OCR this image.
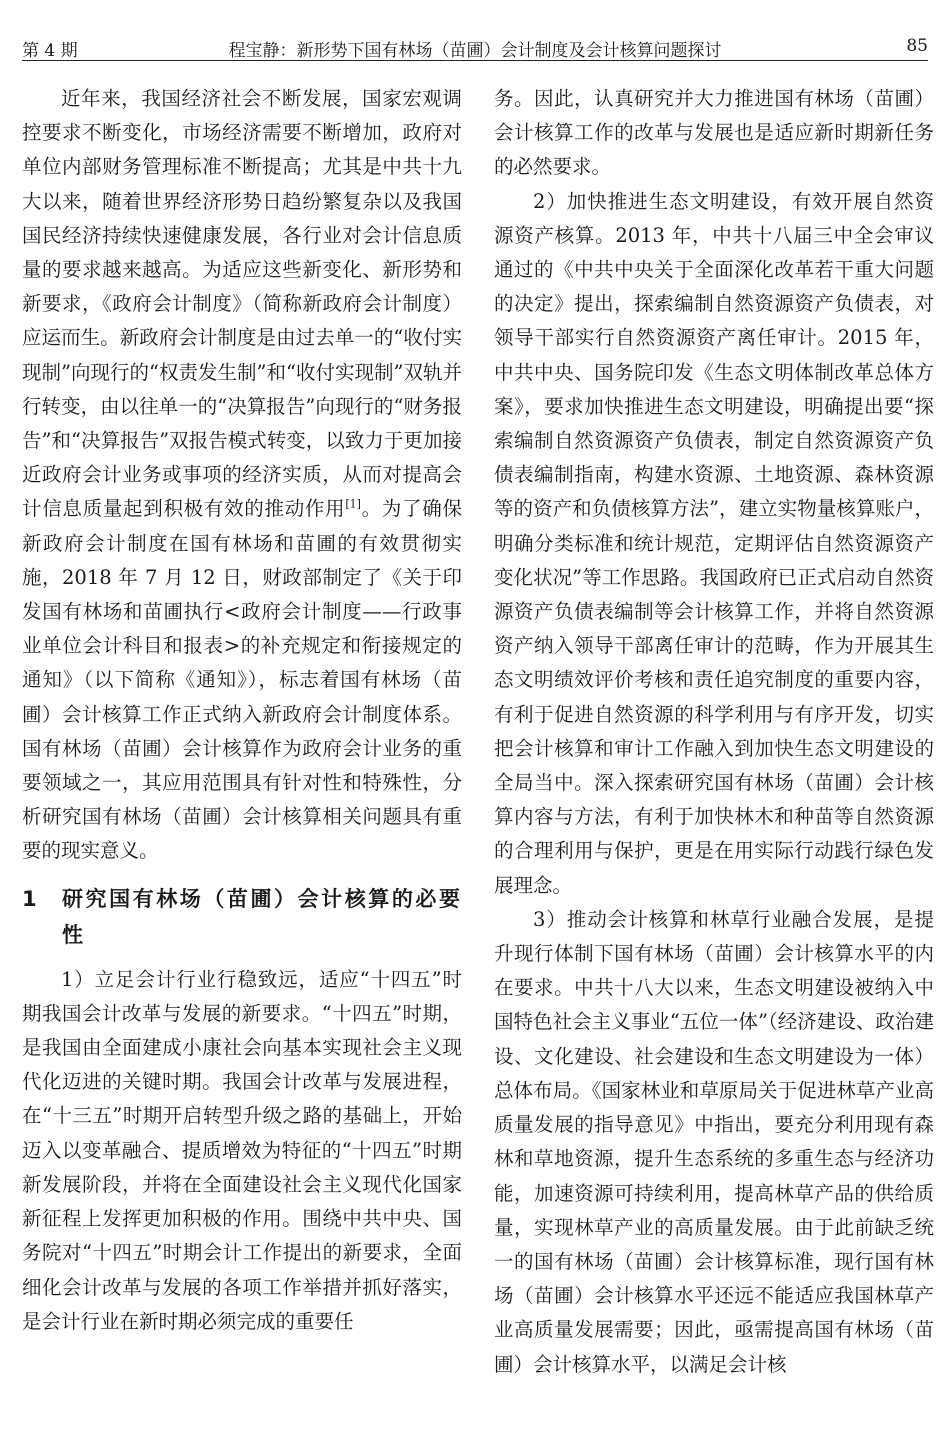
第 4 期	程宝静：新形势下国有林场（苗圃）会计制度及会计核算问题探讨	85

近年来，我国经济社会不断发展，国家宏观调控要求不断变化，市场经济需要不断增加，政府对单位内部财务管理标准不断提高；尤其是中共十九大以来，随着世界经济形势日趋纷繁复杂以及我国国民经济持续快速健康发展，各行业对会计信息质量的要求越来越高。为适应这些新变化、新形势和新要求，《政府会计制度》（简称新政府会计制度）应运而生。新政府会计制度是由过去单一的“收付实现制”向现行的“权责发生制”和“收付实现制”双轨并行转变，由以往单一的“决算报告”向现行的“财务报告”和“决算报告”双报告模式转变，以致力于更加接近政府会计业务或事项的经济实质，从而对提高会计信息质量起到积极有效的推动作用[1]。为了确保新政府会计制度在国有林场和苗圃的有效贯彻实施，2018 年 7 月 12 日，财政部制定了《关于印发国有林场和苗圃执行<政府会计制度——行政事业单位会计科目和报表>的补充规定和衔接规定的通知》（以下简称《通知》），标志着国有林场（苗圃）会计核算工作正式纳入新政府会计制度体系。国有林场（苗圃）会计核算作为政府会计业务的重要领域之一，其应用范围具有针对性和特殊性，分析研究国有林场（苗圃）会计核算相关问题具有重要的现实意义。

1	研究国有林场（苗圃）会计核算的必要性

1）立足会计行业行稳致远，适应“十四五”时期我国会计改革与发展的新要求。“十四五”时期，是我国由全面建成小康社会向基本实现社会主义现代化迈进的关键时期。我国会计改革与发展进程，在“十三五”时期开启转型升级之路的基础上，开始迈入以变革融合、提质增效为特征的“十四五”时期新发展阶段，并将在全面建设社会主义现代化国家新征程上发挥更加积极的作用。围绕中共中央、国务院对“十四五”时期会计工作提出的新要求，全面细化会计改革与发展的各项工作举措并抓好落实，是会计行业在新时期必须完成的重要任

务。因此，认真研究并大力推进国有林场（苗圃）会计核算工作的改革与发展也是适应新时期新任务的必然要求。

2）加快推进生态文明建设，有效开展自然资源资产核算。2013 年，中共十八届三中全会审议通过的《中共中央关于全面深化改革若干重大问题的决定》提出，探索编制自然资源资产负债表，对领导干部实行自然资源资产离任审计。2015 年，中共中央、国务院印发《生态文明体制改革总体方案》，要求加快推进生态文明建设，明确提出要“探索编制自然资源资产负债表，制定自然资源资产负债表编制指南，构建水资源、土地资源、森林资源等的资产和负债核算方法”，建立实物量核算账户，明确分类标准和统计规范，定期评估自然资源资产变化状况”等工作思路。我国政府已正式启动自然资源资产负债表编制等会计核算工作，并将自然资源资产纳入领导干部离任审计的范畴，作为开展其生态文明绩效评价考核和责任追究制度的重要内容，有利于促进自然资源的科学利用与有序开发，切实把会计核算和审计工作融入到加快生态文明建设的全局当中。深入探索研究国有林场（苗圃）会计核算内容与方法，有利于加快林木和种苗等自然资源的合理利用与保护，更是在用实际行动践行绿色发展理念。

3）推动会计核算和林草行业融合发展，是提升现行体制下国有林场（苗圃）会计核算水平的内在要求。中共十八大以来，生态文明建设被纳入中国特色社会主义事业“五位一体”（经济建设、政治建设、文化建设、社会建设和生态文明建设为一体）总体布局。《国家林业和草原局关于促进林草产业高质量发展的指导意见》中指出，要充分利用现有森林和草地资源，提升生态系统的多重生态与经济功能，加速资源可持续利用，提高林草产品的供给质量，实现林草产业的高质量发展。由于此前缺乏统一的国有林场（苗圃）会计核算标准，现行国有林场（苗圃）会计核算水平还远不能适应我国林草产业高质量发展需要；因此，亟需提高国有林场（苗圃）会计核算水平，以满足会计核
